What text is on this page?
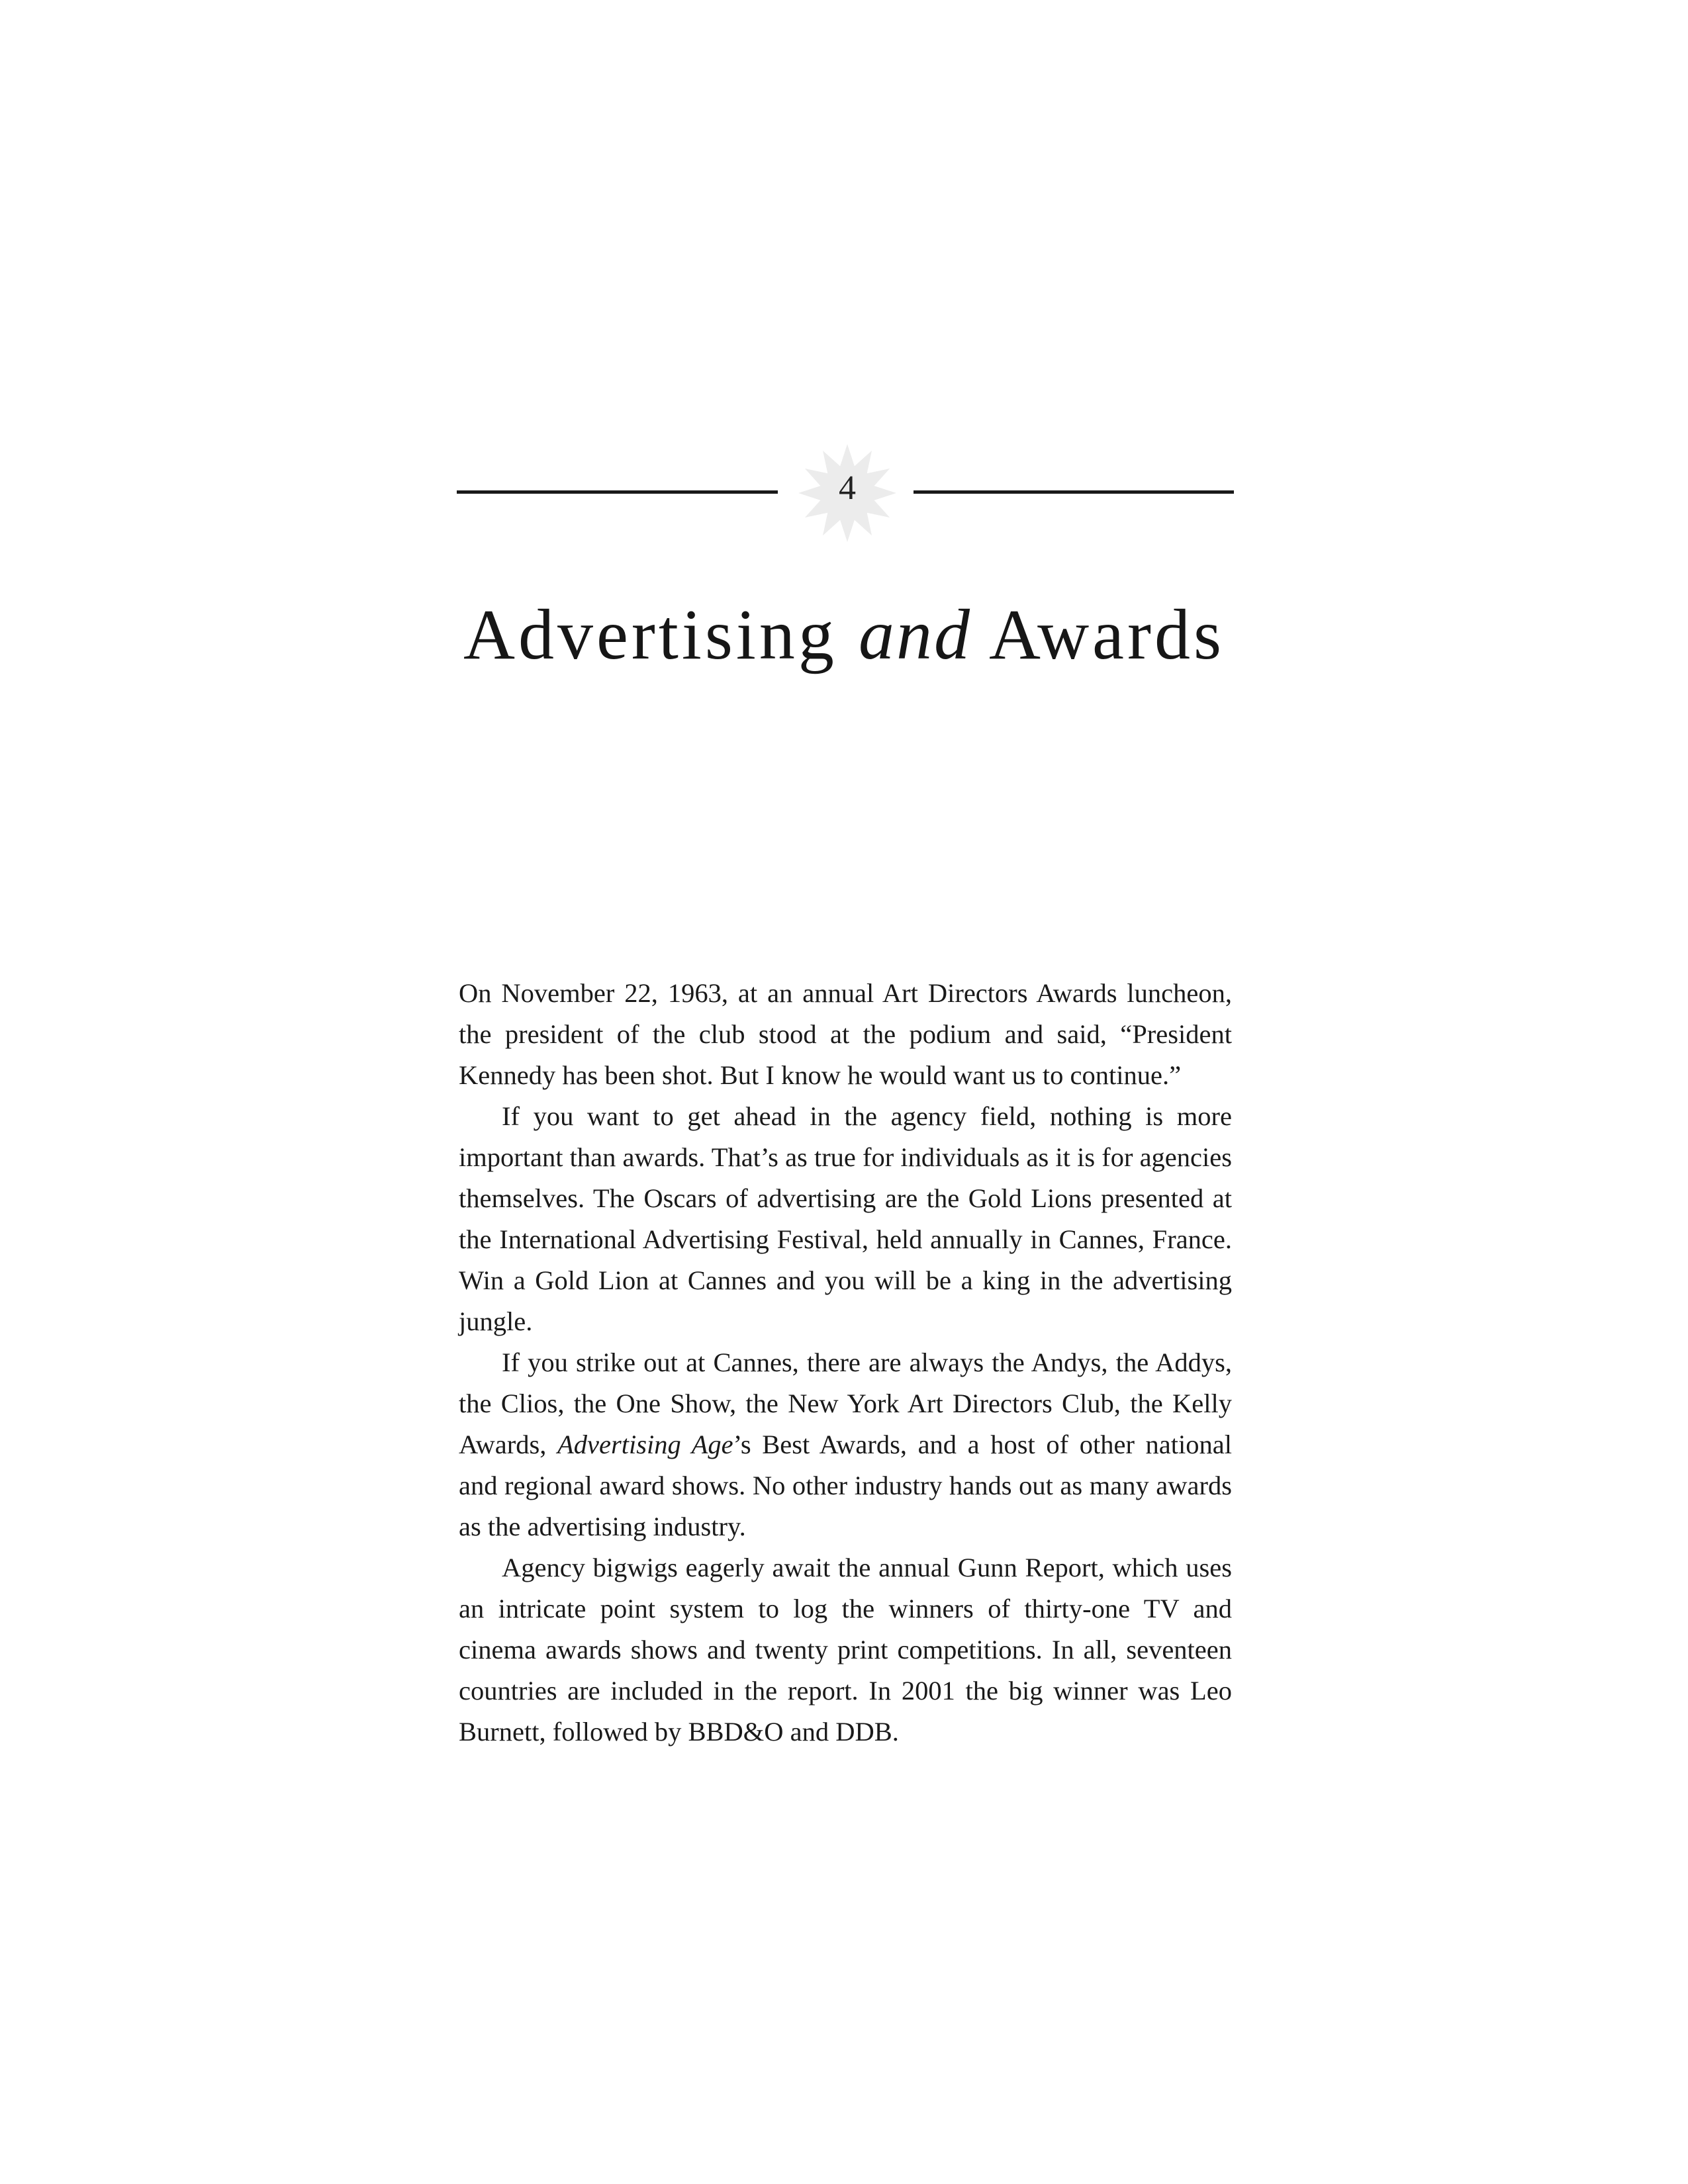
4
Advertising and Awards

On November 22, 1963, at an annual Art Directors Awards luncheon, the president of the club stood at the podium and said, “President Kennedy has been shot. But I know he would want us to continue.”

If you want to get ahead in the agency field, nothing is more important than awards. That’s as true for individuals as it is for agencies themselves. The Oscars of advertising are the Gold Lions presented at the International Advertising Festival, held annually in Cannes, France. Win a Gold Lion at Cannes and you will be a king in the advertising jungle.

If you strike out at Cannes, there are always the Andys, the Addys, the Clios, the One Show, the New York Art Directors Club, the Kelly Awards, Advertising Age’s Best Awards, and a host of other national and regional award shows. No other industry hands out as many awards as the advertising industry.

Agency bigwigs eagerly await the annual Gunn Report, which uses an intricate point system to log the winners of thirty-one TV and cinema awards shows and twenty print competitions. In all, seventeen countries are included in the report. In 2001 the big winner was Leo Burnett, followed by BBD&O and DDB.
